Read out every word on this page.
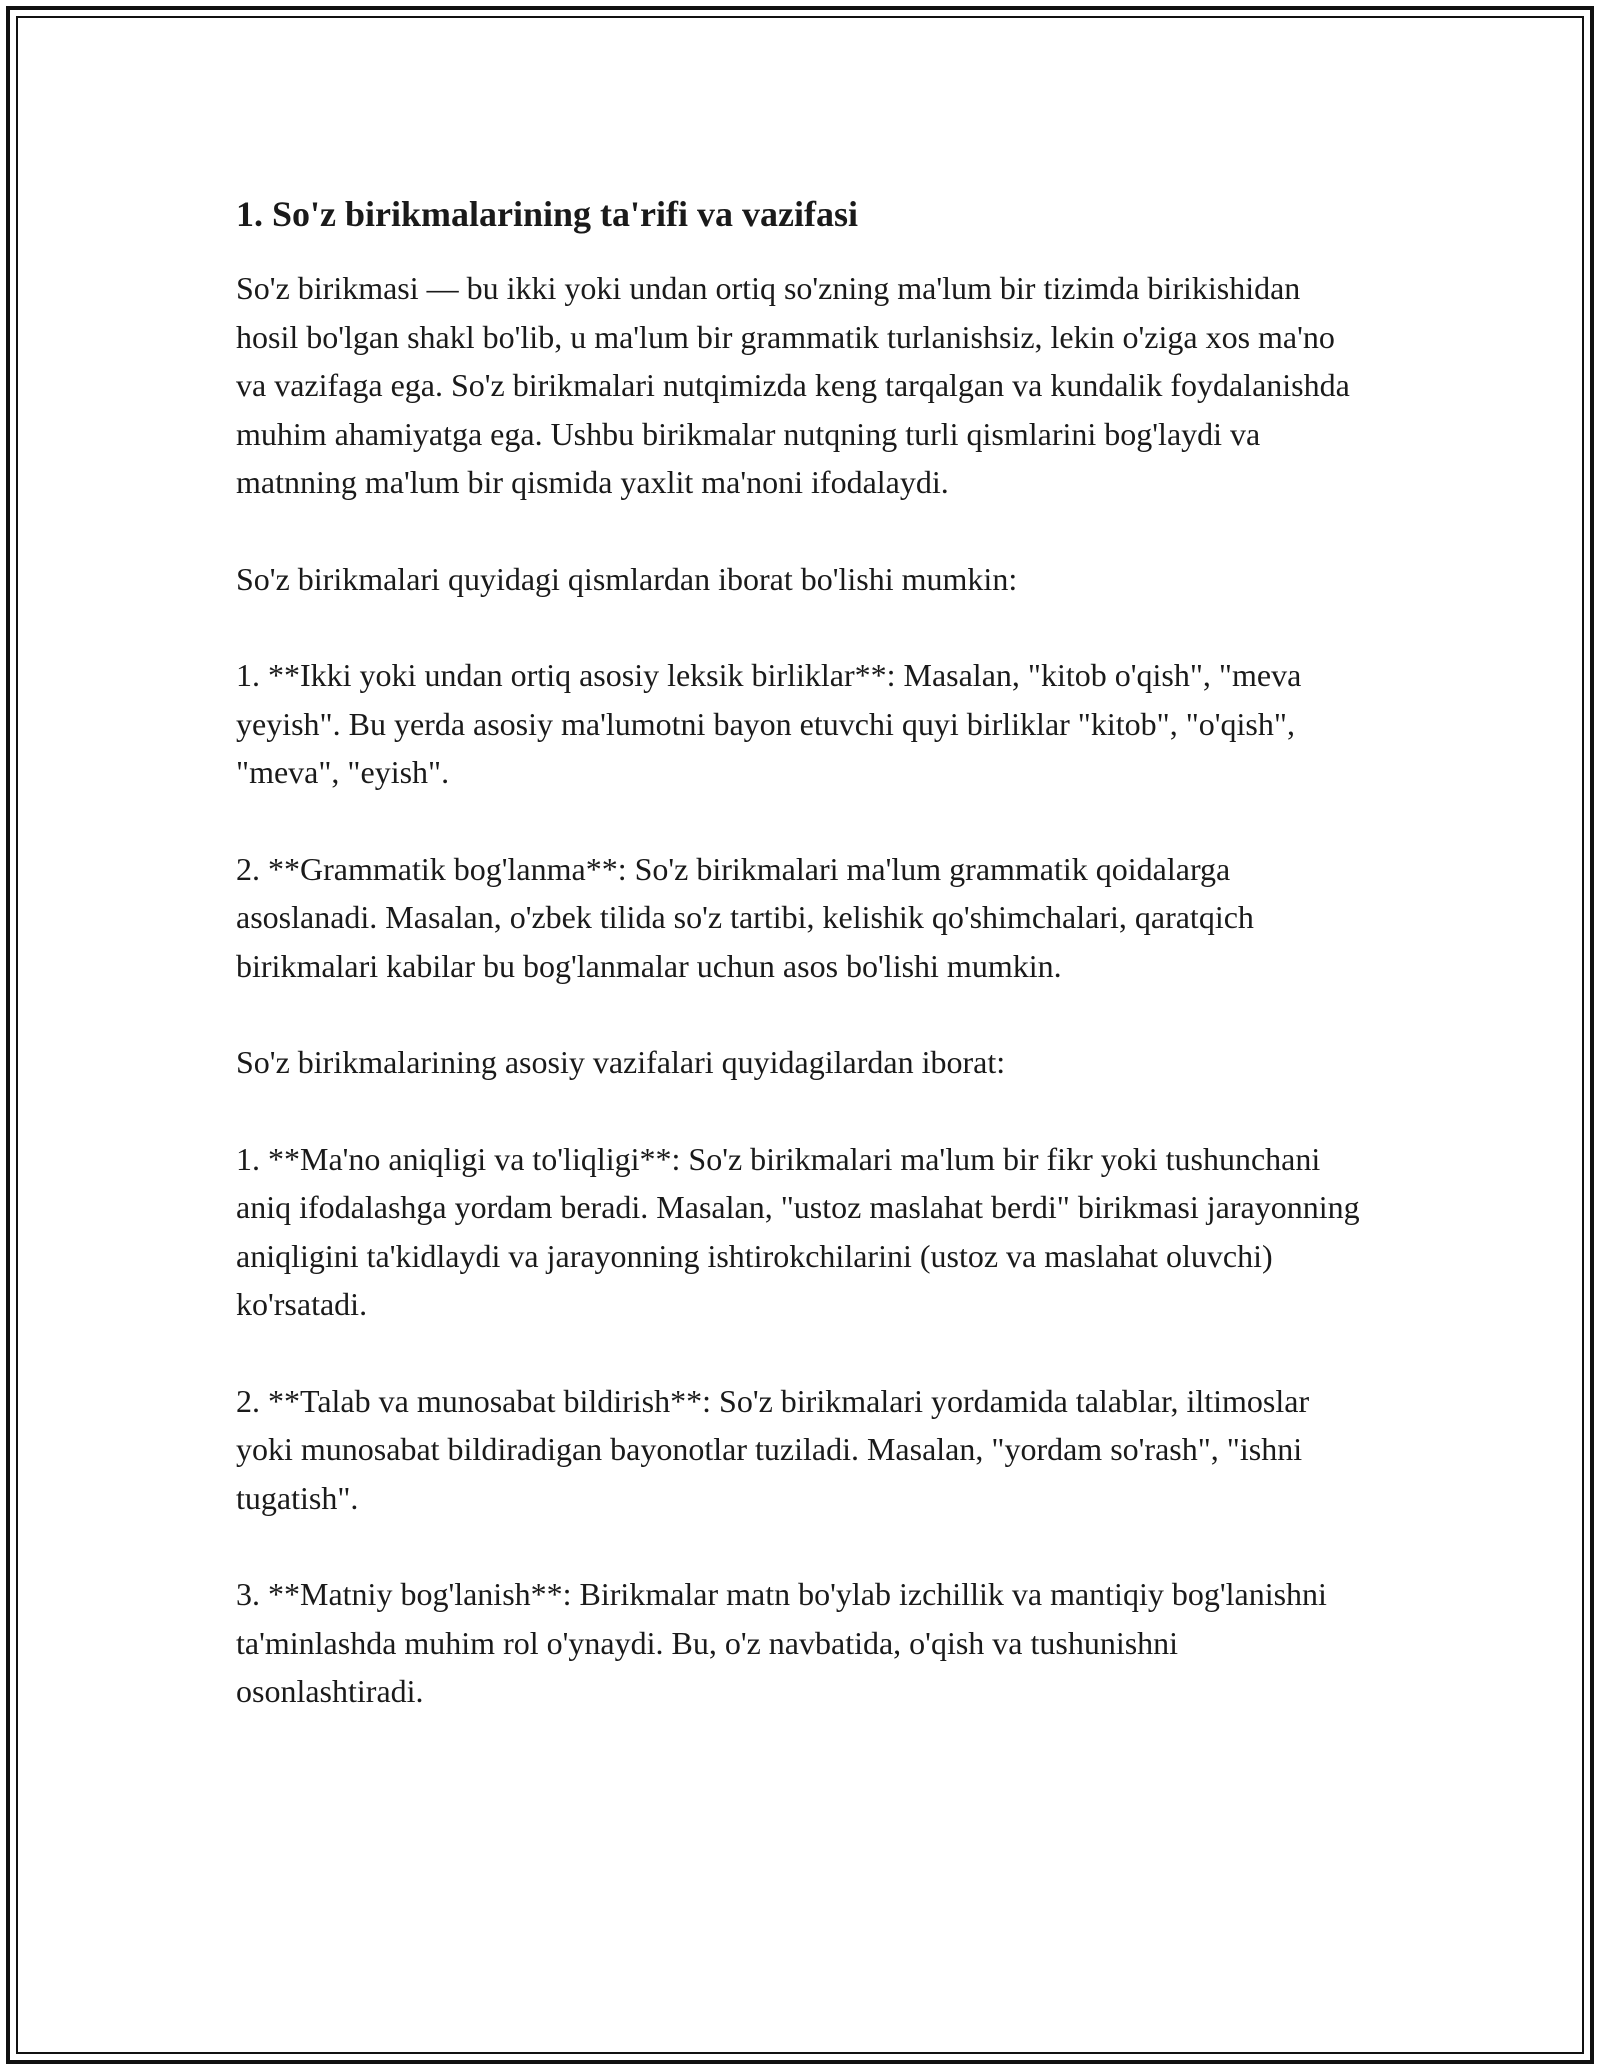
1. So'z birikmalarining ta'rifi va vazifasi

So'z birikmasi — bu ikki yoki undan ortiq so'zning ma'lum bir tizimda birikishidan hosil bo'lgan shakl bo'lib, u ma'lum bir grammatik turlanishsiz, lekin o'ziga xos ma'no va vazifaga ega. So'z birikmalari nutqimizda keng tarqalgan va kundalik foydalanishda muhim ahamiyatga ega. Ushbu birikmalar nutqning turli qismlarini bog'laydi va matnning ma'lum bir qismida yaxlit ma'noni ifodalaydi.

So'z birikmalari quyidagi qismlardan iborat bo'lishi mumkin:

1. **Ikki yoki undan ortiq asosiy leksik birliklar**: Masalan, "kitob o'qish", "meva yeyish". Bu yerda asosiy ma'lumotni bayon etuvchi quyi birliklar "kitob", "o'qish", "meva", "eyish".

2. **Grammatik bog'lanma**: So'z birikmalari ma'lum grammatik qoidalarga asoslanadi. Masalan, o'zbek tilida so'z tartibi, kelishik qo'shimchalari, qaratqich birikmalari kabilar bu bog'lanmalar uchun asos bo'lishi mumkin.

So'z birikmalarining asosiy vazifalari quyidagilardan iborat:

1. **Ma'no aniqligi va to'liqligi**: So'z birikmalari ma'lum bir fikr yoki tushunchani aniq ifodalashga yordam beradi. Masalan, "ustoz maslahat berdi" birikmasi jarayonning aniqligini ta'kidlaydi va jarayonning ishtirokchilarini (ustoz va maslahat oluvchi) ko'rsatadi.

2. **Talab va munosabat bildirish**: So'z birikmalari yordamida talablar, iltimoslar yoki munosabat bildiradigan bayonotlar tuziladi. Masalan, "yordam so'rash", "ishni tugatish".

3. **Matniy bog'lanish**: Birikmalar matn bo'ylab izchillik va mantiqiy bog'lanishni ta'minlashda muhim rol o'ynaydi. Bu, o'z navbatida, o'qish va tushunishni osonlashtiradi.
